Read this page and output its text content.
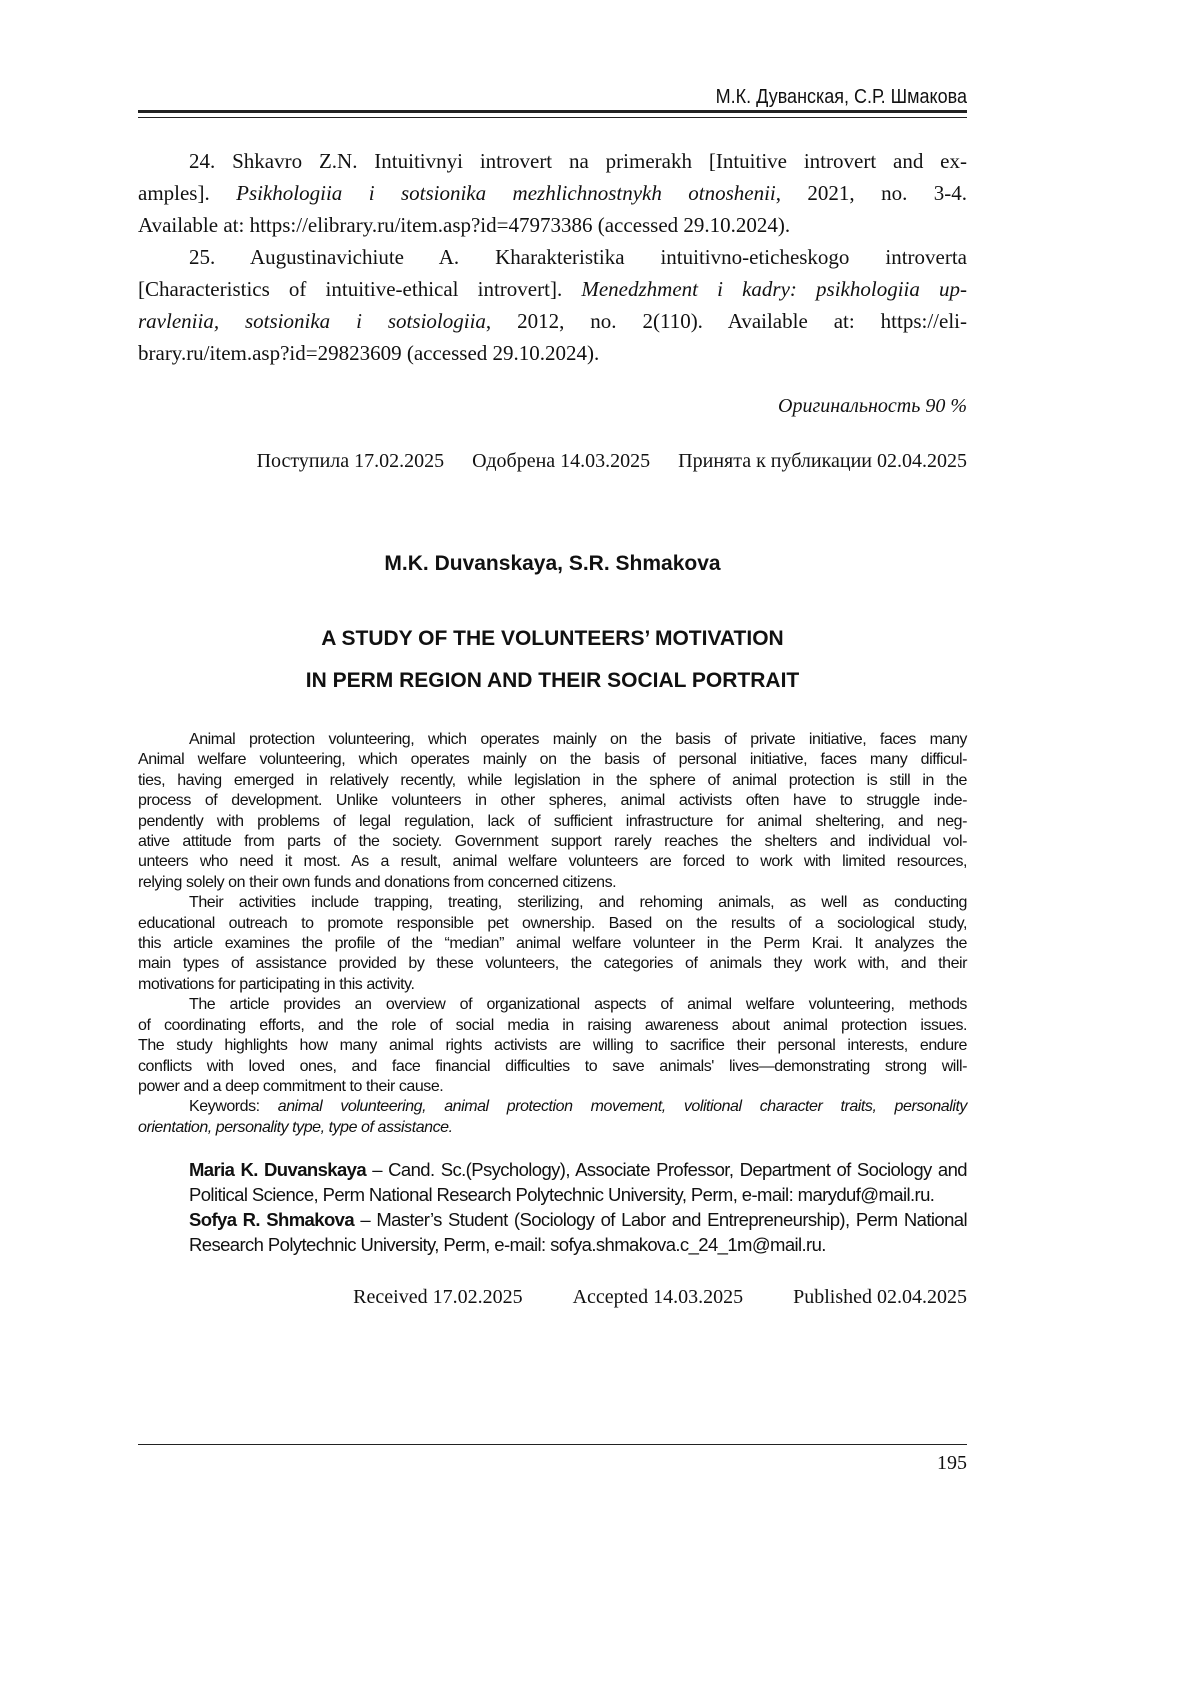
М.К. Дуванская, С.Р. Шмакова
24. Shkavro Z.N. Intuitivnyi introvert na primerakh [Intuitive introvert and ex-
amples]. Psikhologiia i sotsionika mezhlichnostnykh otnoshenii, 2021, no. 3-4.
Available at: https://elibrary.ru/item.asp?id=47973386 (accessed 29.10.2024).
25. Augustinavichiute A. Kharakteristika intuitivno-eticheskogo introverta
[Characteristics of intuitive-ethical introvert]. Menedzhment i kadry: psikhologiia up-
ravleniia, sotsionika i sotsiologiia, 2012, no. 2(110). Available at: https://eli-
brary.ru/item.asp?id=29823609 (accessed 29.10.2024).
Оригинальность 90 %
Поступила 17.02.2025 Одобрена 14.03.2025 Принята к публикации 02.04.2025
M.K. Duvanskaya, S.R. Shmakova
A STUDY OF THE VOLUNTEERS’ MOTIVATION
IN PERM REGION AND THEIR SOCIAL PORTRAIT
Animal protection volunteering, which operates mainly on the basis of private initiative, faces many
Animal welfare volunteering, which operates mainly on the basis of personal initiative, faces many difficul-
ties, having emerged in relatively recently, while legislation in the sphere of animal protection is still in the
process of development. Unlike volunteers in other spheres, animal activists often have to struggle inde-
pendently with problems of legal regulation, lack of sufficient infrastructure for animal sheltering, and neg-
ative attitude from parts of the society. Government support rarely reaches the shelters and individual vol-
unteers who need it most. As a result, animal welfare volunteers are forced to work with limited resources,
relying solely on their own funds and donations from concerned citizens.
Their activities include trapping, treating, sterilizing, and rehoming animals, as well as conducting
educational outreach to promote responsible pet ownership. Based on the results of a sociological study,
this article examines the profile of the “median” animal welfare volunteer in the Perm Krai. It analyzes the
main types of assistance provided by these volunteers, the categories of animals they work with, and their
motivations for participating in this activity.
The article provides an overview of organizational aspects of animal welfare volunteering, methods
of coordinating efforts, and the role of social media in raising awareness about animal protection issues.
The study highlights how many animal rights activists are willing to sacrifice their personal interests, endure
conflicts with loved ones, and face financial difficulties to save animals' lives—demonstrating strong will-
power and a deep commitment to their cause.
Keywords: animal volunteering, animal protection movement, volitional character traits, personality
orientation, personality type, type of assistance.
Maria K. Duvanskaya – Cand. Sc.(Psychology), Associate Professor, Department of Sociology and Political Science, Perm National Research Polytechnic University, Perm, e-mail: maryduf@mail.ru.
Sofya R. Shmakova – Master’s Student (Sociology of Labor and Entrepreneurship), Perm National Research Polytechnic University, Perm, e-mail: sofya.shmakova.c_24_1m@mail.ru.
Received 17.02.2025	Accepted 14.03.2025	Published 02.04.2025
195
